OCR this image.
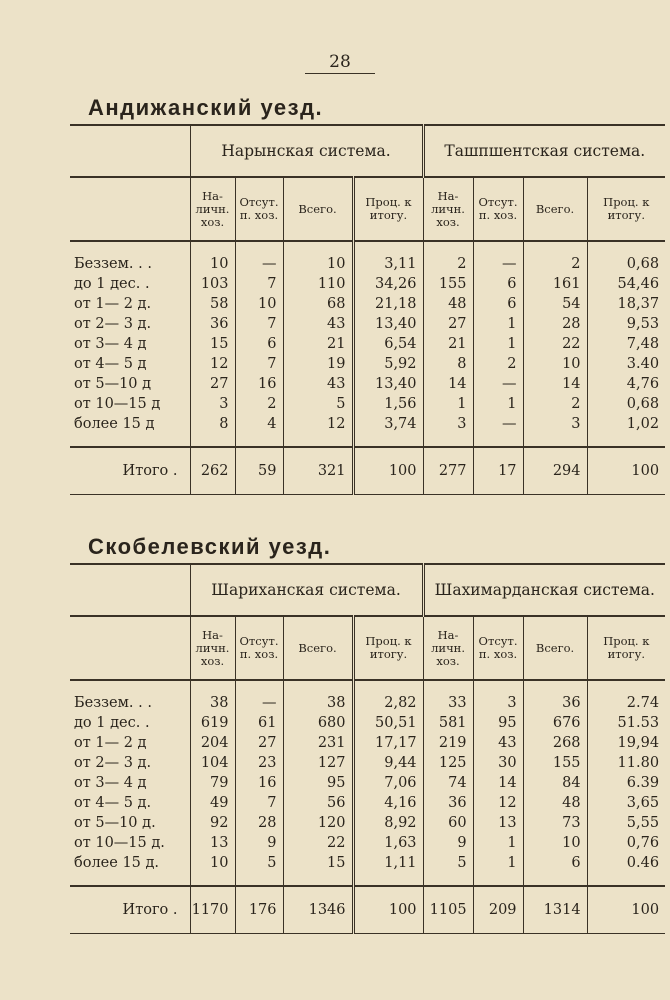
28
Андижанский уезд.
	Нарынская система.				Ташпшентская система.			
	На-личн. хоз.	Отсут. п. хоз.	Всего.	Проц. к итогу.	На-личн. хоз.	Отсут. п. хоз.	Всего.	Проц. к итогу.

Беззем. . .	10	—	10	3,11	2	—	2	0,68
до 1 дес. .	103	7	110	34,26	155	6	161	54,46
от 1— 2 д.	58	10	68	21,18	48	6	54	18,37
от 2— 3 д.	36	7	43	13,40	27	1	28	9,53
от 3— 4 д	15	6	21	6,54	21	1	22	7,48
от 4— 5 д	12	7	19	5,92	8	2	10	3.40
от 5—10 д	27	16	43	13,40	14	—	14	4,76
от 10—15 д	3	2	5	1,56	1	1	2	0,68
более 15 д	8	4	12	3,74	3	—	3	1,02

Итого .	262	59	321	100	277	17	294	100
Скобелевский уезд.
	Шариханская система.				Шахимарданская система.			
	На-личн. хоз.	Отсут. п. хоз.	Всего.	Проц. к итогу.	На-личн. хоз.	Отсут. п. хоз.	Всего.	Проц. к итогу.

Беззем. . .	38	—	38	2,82	33	3	36	2.74
до 1 дес. .	619	61	680	50,51	581	95	676	51.53
от 1— 2 д	204	27	231	17,17	219	43	268	19,94
от 2— 3 д.	104	23	127	9,44	125	30	155	11.80
от 3— 4 д	79	16	95	7,06	74	14	84	6.39
от 4— 5 д.	49	7	56	4,16	36	12	48	3,65
от 5—10 д.	92	28	120	8,92	60	13	73	5,55
от 10—15 д.	13	9	22	1,63	9	1	10	0,76
более 15 д.	10	5	15	1,11	5	1	6	0.46

Итого .	1170	176	1346	100	1105	209	1314	100
